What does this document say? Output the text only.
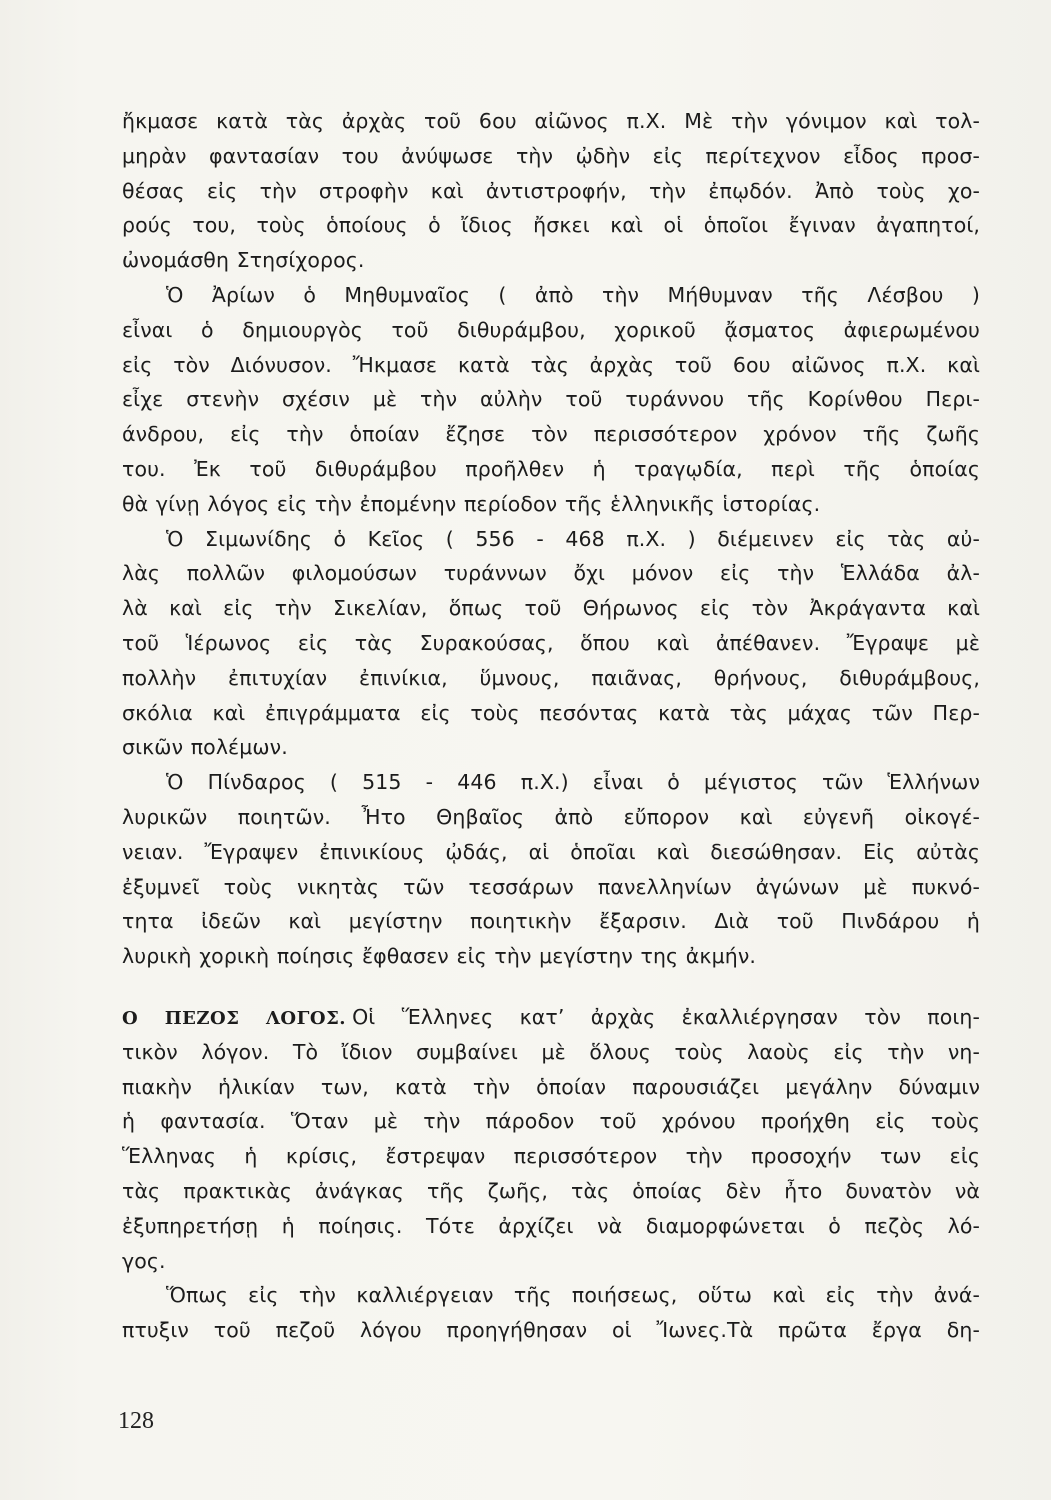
ἤκμασε κατὰ τὰς ἀρχὰς τοῦ 6ου αἰῶνος π.Χ. Μὲ τὴν γόνιμον καὶ τολ-
μηρὰν φαντασίαν του ἀνύψωσε τὴν ᾠδὴν εἰς περίτεχνον εἶδος προσ-
θέσας εἰς τὴν στροφὴν καὶ ἀντιστροφήν, τὴν ἐπῳδόν. Ἀπὸ τοὺς χο-
ρούς του, τοὺς ὁποίους ὁ ἴδιος ἤσκει καὶ οἱ ὁποῖοι ἔγιναν ἀγαπητοί,
ὠνομάσθη Στησίχορος.
Ὁ Ἀρίων ὁ Μηθυμναῖος ( ἀπὸ τὴν Μήθυμναν τῆς Λέσβου )
εἶναι ὁ δημιουργὸς τοῦ διθυράμβου, χορικοῦ ᾄσματος ἀφιερωμένου
εἰς τὸν Διόνυσον. Ἤκμασε κατὰ τὰς ἀρχὰς τοῦ 6ου αἰῶνος π.Χ. καὶ
εἶχε στενὴν σχέσιν μὲ τὴν αὐλὴν τοῦ τυράννου τῆς Κορίνθου Περι-
άνδρου, εἰς τὴν ὁποίαν ἔζησε τὸν περισσότερον χρόνον τῆς ζωῆς
του. Ἐκ τοῦ διθυράμβου προῆλθεν ἡ τραγῳδία, περὶ τῆς ὁποίας
θὰ γίνῃ λόγος εἰς τὴν ἐπομένην περίοδον τῆς ἑλληνικῆς ἱστορίας.
Ὁ Σιμωνίδης ὁ Κεῖος ( 556 - 468 π.Χ. ) διέμεινεν εἰς τὰς αὐ-
λὰς πολλῶν φιλομούσων τυράννων ὄχι μόνον εἰς τὴν Ἑλλάδα ἀλ-
λὰ καὶ εἰς τὴν Σικελίαν, ὅπως τοῦ Θήρωνος εἰς τὸν Ἀκράγαντα καὶ
τοῦ Ἱέρωνος εἰς τὰς Συρακούσας, ὅπου καὶ ἀπέθανεν. Ἔγραψε μὲ
πολλὴν ἐπιτυχίαν ἐπινίκια, ὕμνους, παιᾶνας, θρήνους, διθυράμβους,
σκόλια καὶ ἐπιγράμματα εἰς τοὺς πεσόντας κατὰ τὰς μάχας τῶν Περ-
σικῶν πολέμων.
Ὁ Πίνδαρος ( 515 - 446 π.Χ.) εἶναι ὁ μέγιστος τῶν Ἑλλήνων
λυρικῶν ποιητῶν. Ἦτο Θηβαῖος ἀπὸ εὔπορον καὶ εὐγενῆ οἰκογέ-
νειαν. Ἔγραψεν ἐπινικίους ᾠδάς, αἱ ὁποῖαι καὶ διεσώθησαν. Εἰς αὐτὰς
ἐξυμνεῖ τοὺς νικητὰς τῶν τεσσάρων πανελληνίων ἀγώνων μὲ πυκνό-
τητα ἰδεῶν καὶ μεγίστην ποιητικὴν ἔξαρσιν. Διὰ τοῦ Πινδάρου ἡ
λυρικὴ χορικὴ ποίησις ἔφθασεν εἰς τὴν μεγίστην της ἀκμήν.
Ο ΠΕΖΟΣ ΛΟΓΟΣ. Οἱ Ἕλληνες κατ’ ἀρχὰς ἐκαλλιέργησαν τὸν ποιη-
τικὸν λόγον. Τὸ ἴδιον συμβαίνει μὲ ὅλους τοὺς λαοὺς εἰς τὴν νη-
πιακὴν ἡλικίαν των, κατὰ τὴν ὁποίαν παρουσιάζει μεγάλην δύναμιν
ἡ φαντασία. Ὅταν μὲ τὴν πάροδον τοῦ χρόνου προήχθη εἰς τοὺς
Ἕλληνας ἡ κρίσις, ἔστρεψαν περισσότερον τὴν προσοχήν των εἰς
τὰς πρακτικὰς ἀνάγκας τῆς ζωῆς, τὰς ὁποίας δὲν ἦτο δυνατὸν νὰ
ἐξυπηρετήσῃ ἡ ποίησις. Τότε ἀρχίζει νὰ διαμορφώνεται ὁ πεζὸς λό-
γος.
Ὅπως εἰς τὴν καλλιέργειαν τῆς ποιήσεως, οὕτω καὶ εἰς τὴν ἀνά-
πτυξιν τοῦ πεζοῦ λόγου προηγήθησαν οἱ Ἴωνες.Τὰ πρῶτα ἔργα δη-
128
